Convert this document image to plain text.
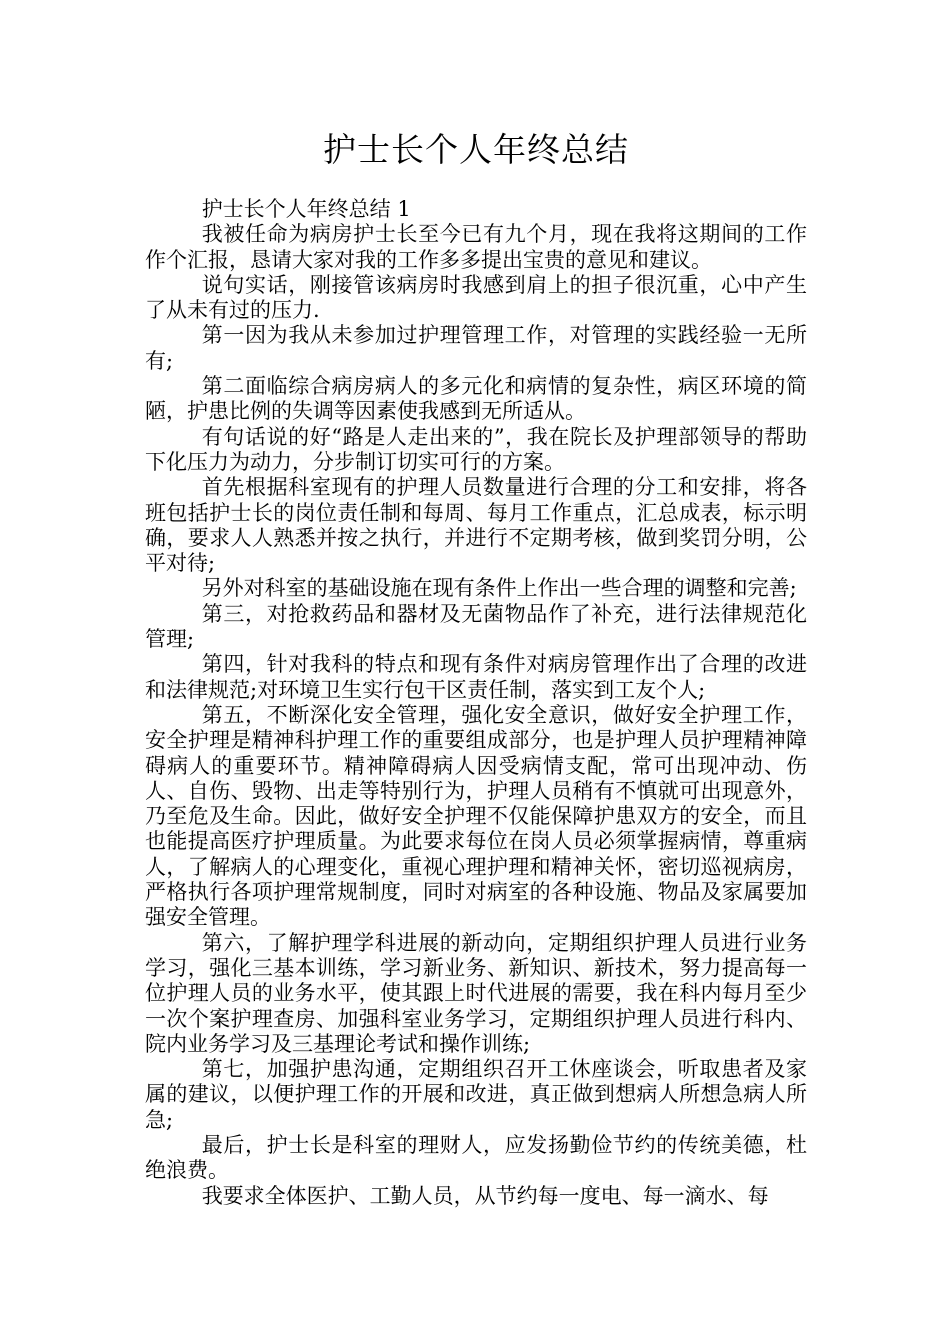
护士长个人年终总结

护士长个人年终总结 1

我被任命为病房护士长至今已有九个月，现在我将这期间的工作作个汇报，恳请大家对我的工作多多提出宝贵的意见和建议。

说句实话，刚接管该病房时我感到肩上的担子很沉重，心中产生了从未有过的压力.

第一因为我从未参加过护理管理工作，对管理的实践经验一无所有;

第二面临综合病房病人的多元化和病情的复杂性，病区环境的简陋，护患比例的失调等因素使我感到无所适从。

有句话说的好“路是人走出来的”，我在院长及护理部领导的帮助下化压力为动力，分步制订切实可行的方案。

首先根据科室现有的护理人员数量进行合理的分工和安排，将各班包括护士长的岗位责任制和每周、每月工作重点，汇总成表，标示明确，要求人人熟悉并按之执行，并进行不定期考核，做到奖罚分明，公平对待;

另外对科室的基础设施在现有条件上作出一些合理的调整和完善;

第三，对抢救药品和器材及无菌物品作了补充，进行法律规范化管理;

第四，针对我科的特点和现有条件对病房管理作出了合理的改进和法律规范;对环境卫生实行包干区责任制，落实到工友个人;

第五，不断深化安全管理，强化安全意识，做好安全护理工作，安全护理是精神科护理工作的重要组成部分，也是护理人员护理精神障碍病人的重要环节。精神障碍病人因受病情支配，常可出现冲动、伤人、自伤、毁物、出走等特别行为，护理人员稍有不慎就可出现意外，乃至危及生命。因此，做好安全护理不仅能保障护患双方的安全，而且也能提高医疗护理质量。为此要求每位在岗人员必须掌握病情，尊重病人，了解病人的心理变化，重视心理护理和精神关怀，密切巡视病房，严格执行各项护理常规制度，同时对病室的各种设施、物品及家属要加强安全管理。

第六，了解护理学科进展的新动向，定期组织护理人员进行业务学习，强化三基本训练，学习新业务、新知识、新技术，努力提高每一位护理人员的业务水平，使其跟上时代进展的需要，我在科内每月至少一次个案护理查房、加强科室业务学习，定期组织护理人员进行科内、院内业务学习及三基理论考试和操作训练;

第七，加强护患沟通，定期组织召开工休座谈会，听取患者及家属的建议，以便护理工作的开展和改进，真正做到想病人所想急病人所急;

最后，护士长是科室的理财人，应发扬勤俭节约的传统美德，杜绝浪费。

我要求全体医护、工勤人员，从节约每一度电、每一滴水、每
